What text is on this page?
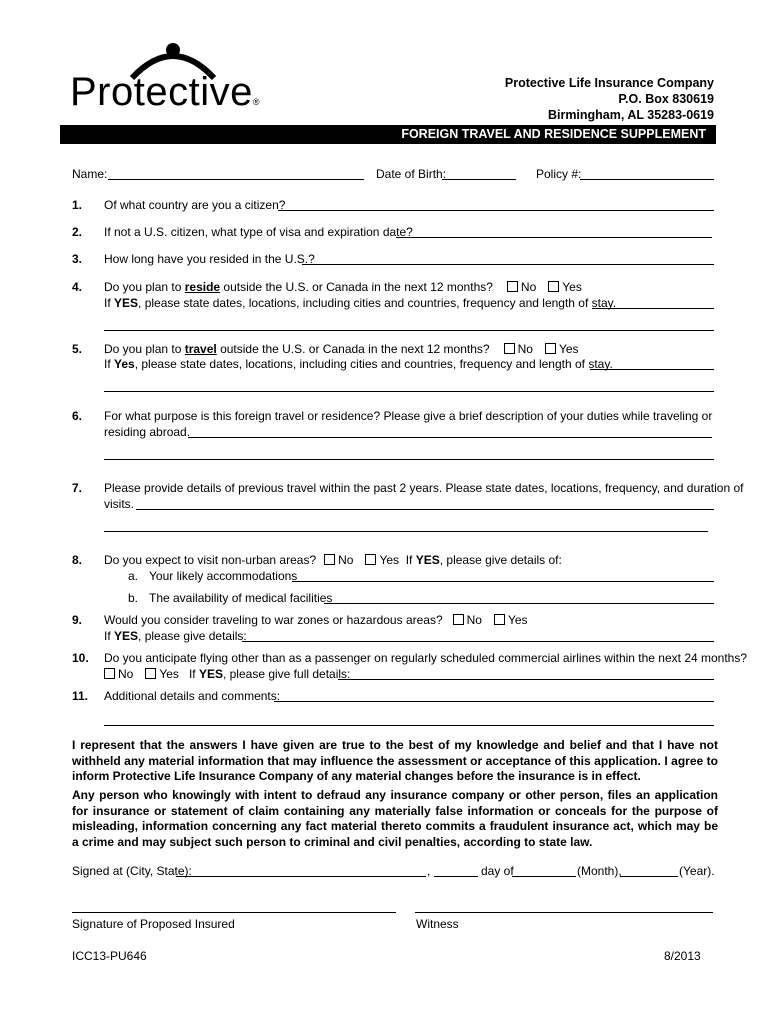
Protective®
Protective Life Insurance Company
P.O. Box 830619
Birmingham, AL 35283-0619
FOREIGN TRAVEL AND RESIDENCE SUPPLEMENT
Name:	Date of Birth:	Policy #:
1. Of what country are you a citizen?
2. If not a U.S. citizen, what type of visa and expiration date?
3. How long have you resided in the U.S.?
4. Do you plan to reside outside the U.S. or Canada in the next 12 months? No Yes
If YES, please state dates, locations, including cities and countries, frequency and length of stay.
5. Do you plan to travel outside the U.S. or Canada in the next 12 months? No Yes
If Yes, please state dates, locations, including cities and countries, frequency and length of stay.
6. For what purpose is this foreign travel or residence? Please give a brief description of your duties while traveling or
residing abroad.
7. Please provide details of previous travel within the past 2 years. Please state dates, locations, frequency, and duration of
visits.
8. Do you expect to visit non-urban areas? No Yes If YES, please give details of:
a. Your likely accommodations
b. The availability of medical facilities
9. Would you consider traveling to war zones or hazardous areas? No Yes
If YES, please give details:
10. Do you anticipate flying other than as a passenger on regularly scheduled commercial airlines within the next 24 months?
No Yes If YES, please give full details:
11. Additional details and comments:
I represent that the answers I have given are true to the best of my knowledge and belief and that I have not withheld any material information that may influence the assessment or acceptance of this application. I agree to inform Protective Life Insurance Company of any material changes before the insurance is in effect.
Any person who knowingly with intent to defraud any insurance company or other person, files an application for insurance or statement of claim containing any materially false information or conceals for the purpose of misleading, information concerning any fact material thereto commits a fraudulent insurance act, which may be a crime and may subject such person to criminal and civil penalties, according to state law.
Signed at (City, State):	,	day of	(Month),	(Year).
Signature of Proposed Insured	Witness
ICC13-PU646	8/2013
